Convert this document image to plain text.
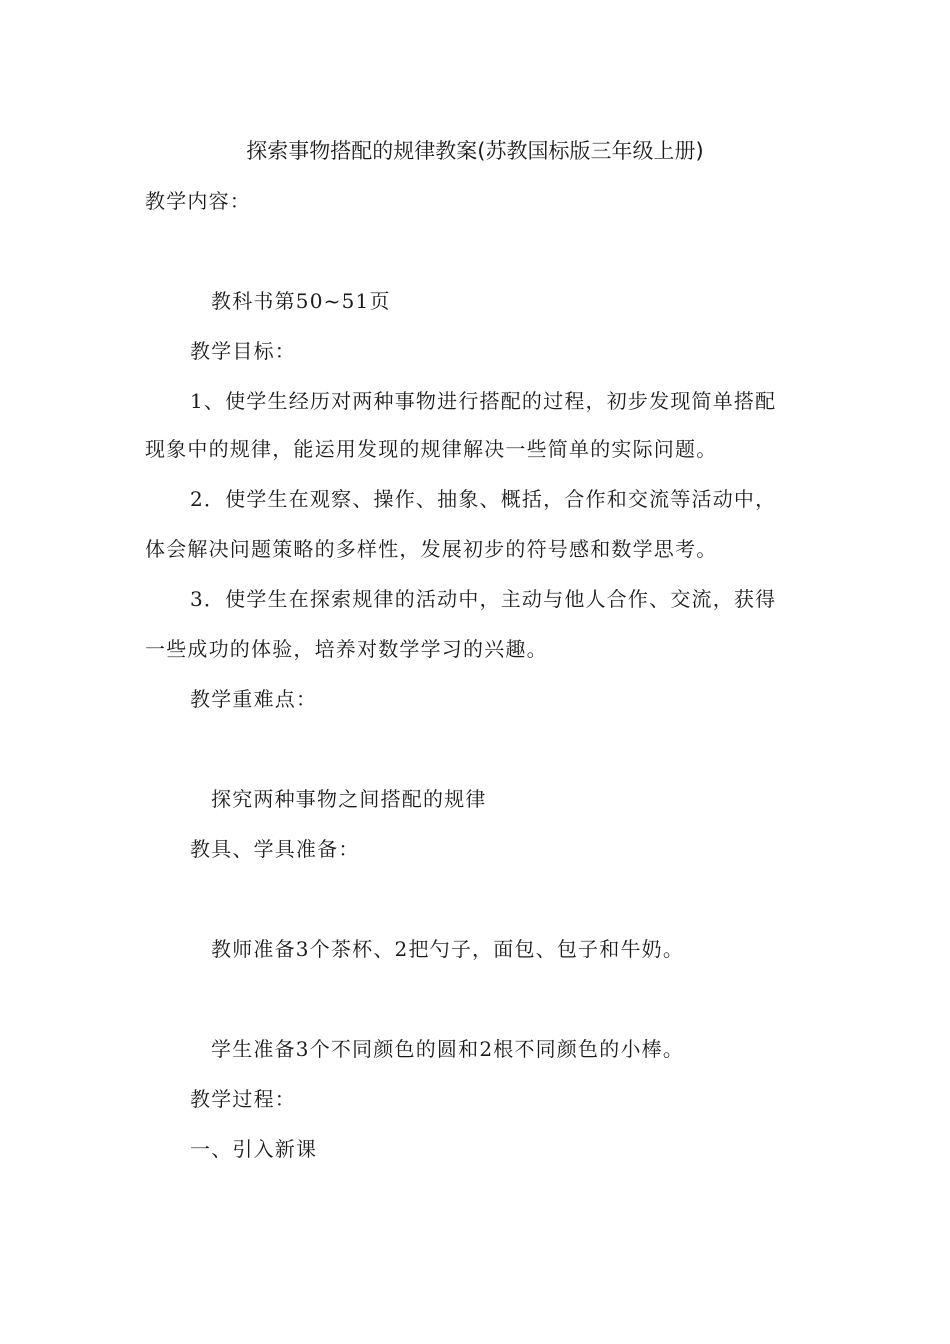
探索事物搭配的规律教案(苏教国标版三年级上册)
教学内容：
教科书第50~51页
教学目标：
1、使学生经历对两种事物进行搭配的过程，初步发现简单搭配
现象中的规律，能运用发现的规律解决一些简单的实际问题。
2．使学生在观察、操作、抽象、概括，合作和交流等活动中，
体会解决问题策略的多样性，发展初步的符号感和数学思考。
3．使学生在探索规律的活动中，主动与他人合作、交流，获得
一些成功的体验，培养对数学学习的兴趣。
教学重难点：
探究两种事物之间搭配的规律
教具、学具准备：
教师准备3个茶杯、2把勺子，面包、包子和牛奶。
学生准备3个不同颜色的圆和2根不同颜色的小棒。
教学过程：
一、引入新课
